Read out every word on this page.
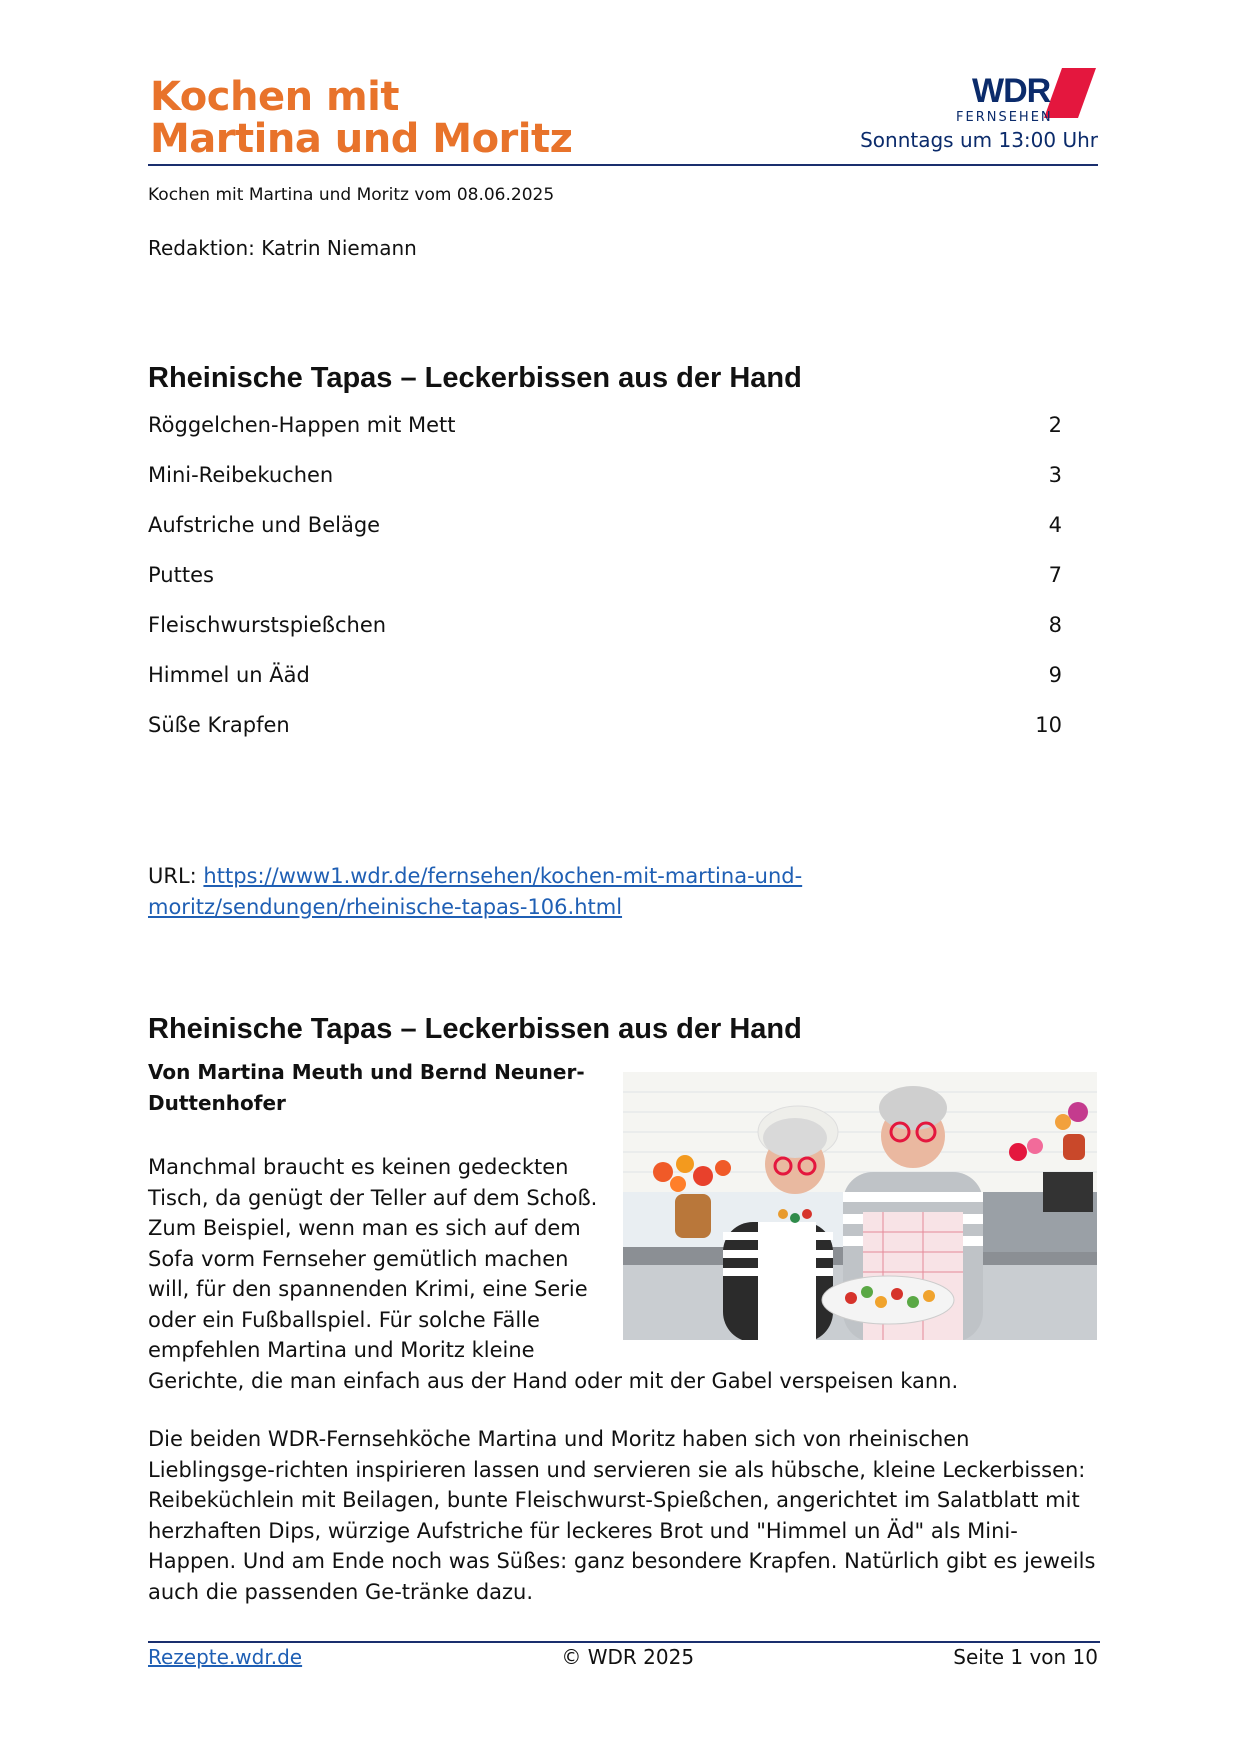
Kochen mit
Martina und Moritz
WDR
FERNSEHEN
Sonntags um 13:00 Uhr
Kochen mit Martina und Moritz vom 08.06.2025
Redaktion: Katrin Niemann
Rheinische Tapas – Leckerbissen aus der Hand
Röggelchen-Happen mit Mett	2
Mini-Reibekuchen	3
Aufstriche und Beläge	4
Puttes	7
Fleischwurstspießchen	8
Himmel un Ääd	9
Süße Krapfen	10
URL: https://www1.wdr.de/fernsehen/kochen-mit-martina-und-
moritz/sendungen/rheinische-tapas-106.html
Rheinische Tapas – Leckerbissen aus der Hand
Von Martina Meuth und Bernd Neuner-
Duttenhofer
Manchmal braucht es keinen gedeckten Tisch, da genügt der Teller auf dem Schoß. Zum Beispiel, wenn man es sich auf dem Sofa vorm Fernseher gemütlich machen will, für den spannenden Krimi, eine Serie oder ein Fußballspiel. Für solche Fälle empfehlen Martina und Moritz kleine Gerichte, die man einfach aus der Hand oder mit der Gabel verspeisen kann.
Die beiden WDR-Fernsehköche Martina und Moritz haben sich von rheinischen Lieblingsge-richten inspirieren lassen und servieren sie als hübsche, kleine Leckerbissen: Reibeküchlein mit Beilagen, bunte Fleischwurst-Spießchen, angerichtet im Salatblatt mit herzhaften Dips, würzige Aufstriche für leckeres Brot und "Himmel un Äd" als Mini-Happen. Und am Ende noch was Süßes: ganz besondere Krapfen. Natürlich gibt es jeweils auch die passenden Ge-tränke dazu.
Rezepte.wdr.de	© WDR 2025	Seite 1 von 10
